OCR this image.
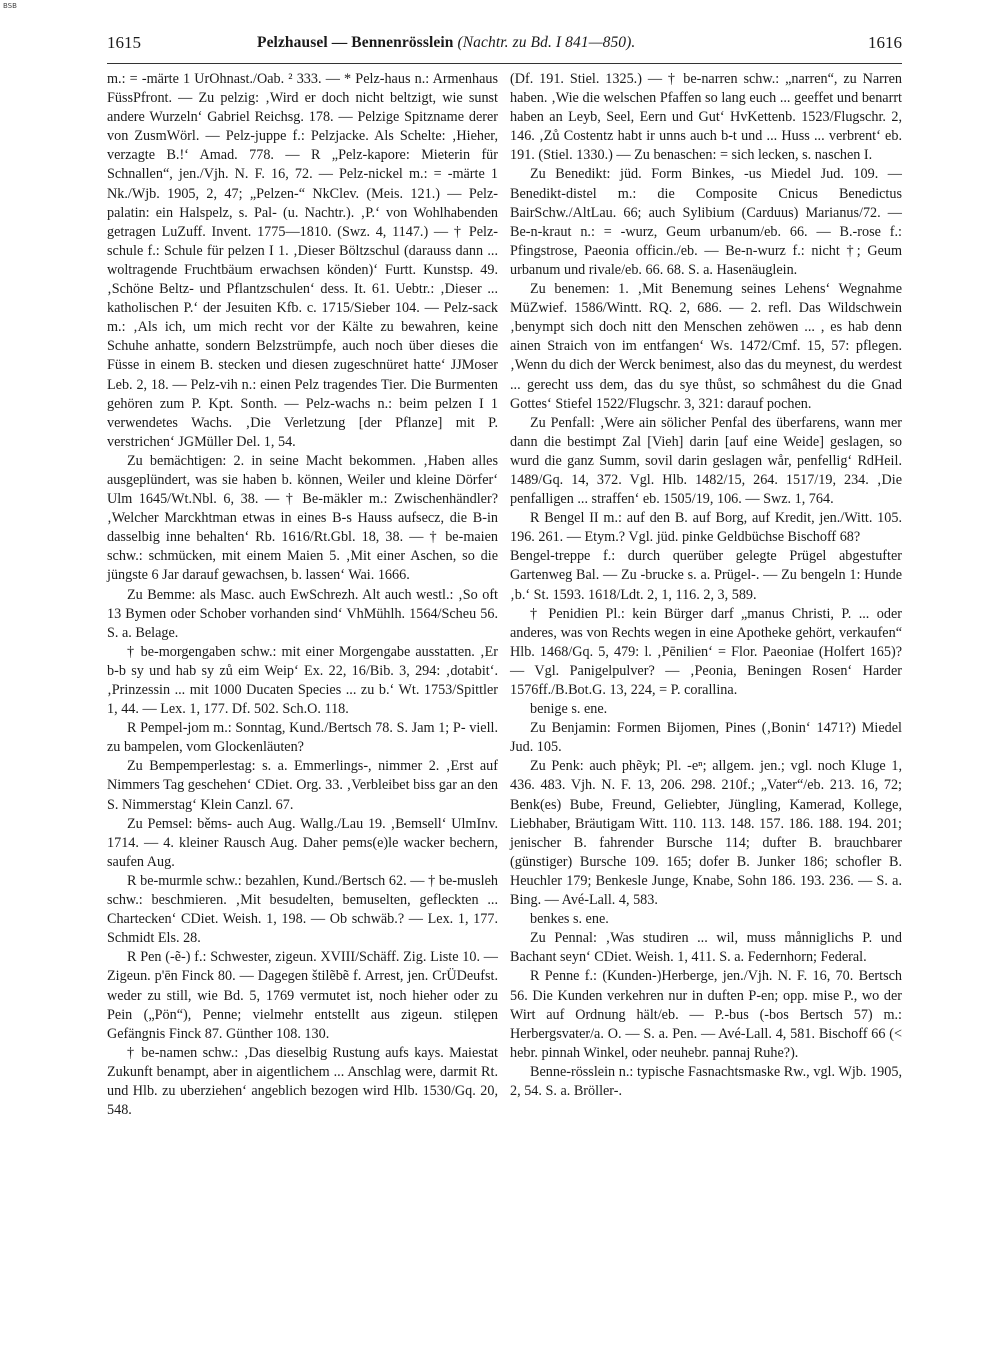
BSB
1615	Pelzhausel — Bennenrösslein (Nachtr. zu Bd. I 841—850).	1616

m.: = -märte 1 UrOhnast./Oab. ² 333. — * Pelz-haus n.: Armenhaus FüssPfront. — Zu pelzig: ‚Wird er doch nicht beltzigt, wie sunst andere Wurzeln‘ Gabriel Reichsg. 178. — Pelzige Spitzname derer von ZusmWörl. — Pelz-juppe f.: Pelzjacke. Als Schelte: ‚Hieher, verzagte B.!‘ Amad. 778. — R „Pelz-kapore: Mieterin für Schnallen“, jen./Vjh. N. F. 16, 72. — Pelz-nickel m.: = -märte 1 Nk./Wjb. 1905, 2, 47; „Pelzen-“ NkClev. (Meis. 121.) — Pelz-palatin: ein Halspelz, s. Pal- (u. Nachtr.). ‚P.‘ von Wohlhabenden getragen LuZuff. Invent. 1775—1810. (Swz. 4, 1147.) — † Pelz-schule f.: Schule für pelzen I 1. ‚Dieser Böltzschul (darauss dann ... woltragende Fruchtbäum erwachsen könden)‘ Furtt. Kunstsp. 49. ‚Schöne Beltz- und Pflantzschulen‘ dess. It. 61. Uebtr.: ‚Dieser ... katholischen P.‘ der Jesuiten Kfb. c. 1715/Sieber 104. — Pelz-sack m.: ‚Als ich, um mich recht vor der Kälte zu bewahren, keine Schuhe anhatte, sondern Belzstrümpfe, auch noch über dieses die Füsse in einem B. stecken und diesen zugeschnüret hatte‘ JJMoser Leb. 2, 18. — Pelz-vih n.: einen Pelz tragendes Tier. Die Burmenten gehören zum P. Kpt. Sonth. — Pelz-wachs n.: beim pelzen I 1 verwendetes Wachs. ‚Die Verletzung [der Pflanze] mit P. verstrichen‘ JGMüller Del. 1, 54.

Zu bemächtigen: 2. in seine Macht bekommen. ‚Haben alles ausgeplündert, was sie haben b. können, Weiler und kleine Dörfer‘ Ulm 1645/Wt.Nbl. 6, 38. — † Be-mäkler m.: Zwischenhändler? ‚Welcher Marckhtman etwas in eines B-s Hauss aufsecz, die B-in dasselbig inne behalten‘ Rb. 1616/Rt.Gbl. 18, 38. — † be-maien schw.: schmücken, mit einem Maien 5. ‚Mit einer Aschen, so die jüngste 6 Jar darauf gewachsen, b. lassen‘ Wai. 1666.

Zu Bemme: als Masc. auch EwSchrezh. Alt auch westl.: ‚So oft 13 Bymen oder Schober vorhanden sind‘ VhMühlh. 1564/Scheu 56. S. a. Belage.

† be-morgengaben schw.: mit einer Morgengabe ausstatten. ‚Er b-b sy und hab sy zů eim Weip‘ Ex. 22, 16/Bib. 3, 294: ‚dotabit‘. ‚Prinzessin ... mit 1000 Ducaten Species ... zu b.‘ Wt. 1753/Spittler 1, 44. — Lex. 1, 177. Df. 502. Sch.O. 118.

R Pempel-jom m.: Sonntag, Kund./Bertsch 78. S. Jam 1; P- viell. zu bampelen, vom Glockenläuten?

Zu Bempemperlestag: s. a. Emmerlings-, nimmer 2. ‚Erst auf Nimmers Tag geschehen‘ CDiet. Org. 33. ‚Verbleibet biss gar an den S. Nimmerstag‘ Klein Canzl. 67.

Zu Pemsel: běms- auch Aug. Wallg./Lau 19. ‚Bemsell‘ UlmInv. 1714. — 4. kleiner Rausch Aug. Daher pems(e)le wacker bechern, saufen Aug.

R be-murmle schw.: bezahlen, Kund./Bertsch 62. — † be-musleh schw.: beschmieren. ‚Mit besudelten, bemuselten, gefleckten ... Chartecken‘ CDiet. Weish. 1, 198. — Ob schwäb.? — Lex. 1, 177. Schmidt Els. 28.

R Pen (-ẽ-) f.: Schwester, zigeun. XVIII/Schäff. Zig. Liste 10. — Zigeun. p'ēn Finck 80. — Dagegen štilẽbẽ f. Arrest, jen. CrÜDeufst. weder zu still, wie Bd. 5, 1769 vermutet ist, noch hieher oder zu Pein („Pön“), Penne; vielmehr entstellt aus zigeun. stilępen Gefängnis Finck 87. Günther 108. 130.

† be-namen schw.: ‚Das dieselbig Rustung aufs kays. Maiestat Zukunft benampt, aber in aigentlichem ... Anschlag were, darmit Rt. und Hlb. zu uberziehen‘ angeblich bezogen wird Hlb. 1530/Gq. 20, 548.

(Df. 191. Stiel. 1325.) — † be-narren schw.: „narren“, zu Narren haben. ‚Wie die welschen Pfaffen so lang euch ... geeffet und benarrt haben an Leyb, Seel, Eern und Gut‘ HvKettenb. 1523/Flugschr. 2, 146. ‚Zů Costentz habt ir unns auch b-t und ... Huss ... verbrent‘ eb. 191. (Stiel. 1330.) — Zu benaschen: = sich lecken, s. naschen I.

Zu Benedikt: jüd. Form Binkes, -us Miedel Jud. 109. — Benedikt-distel m.: die Composite Cnicus Benedictus BairSchw./AltLau. 66; auch Sylibium (Carduus) Marianus/72. — Be-n-kraut n.: = -wurz, Geum urbanum/eb. 66. — B.-rose f.: Pfingstrose, Paeonia officin./eb. — Be-n-wurz f.: nicht †; Geum urbanum und rivale/eb. 66. 68. S. a. Hasenäuglein.

Zu benemen: 1. ‚Mit Benemung seines Lehens‘ Wegnahme MüZwief. 1586/Wintt. RQ. 2, 686. — 2. refl. Das Wildschwein ‚benympt sich doch nitt den Menschen zehöwen ... , es hab denn ainen Straich von im entfangen‘ Ws. 1472/Cmf. 15, 57: pflegen. ‚Wenn du dich der Werck benimest, also das du meynest, du werdest ... gerecht uss dem, das du sye thůst, so schmâhest du die Gnad Gottes‘ Stiefel 1522/Flugschr. 3, 321: darauf pochen.

Zu Penfall: ‚Were ain sölicher Penfal des überfarens, wann mer dann die bestimpt Zal [Vieh] darin [auf eine Weide] geslagen, so wurd die ganz Summ, sovil darin geslagen wår, penfellig‘ RdHeil. 1489/Gq. 14, 372. Vgl. Hlb. 1482/15, 264. 1517/19, 234. ‚Die penfalligen ... straffen‘ eb. 1505/19, 106. — Swz. 1, 764.

R Bengel II m.: auf den B. auf Borg, auf Kredit, jen./Witt. 105. 196. 261. — Etym.? Vgl. jüd. pinke Geldbüchse Bischoff 68?

Bengel-treppe f.: durch querüber gelegte Prügel abgestufter Gartenweg Bal. — Zu -brucke s. a. Prügel-. — Zu bengeln 1: Hunde ‚b.‘ St. 1593. 1618/Ldt. 2, 1, 116. 2, 3, 589.

† Penidien Pl.: kein Bürger darf „manus Christi, P. ... oder anderes, was von Rechts wegen in eine Apotheke gehört, verkaufen“ Hlb. 1468/Gq. 5, 479: l. ‚Pēnilien‘ = Flor. Paeoniae (Holfert 165)? — Vgl. Panigelpulver? — ‚Peonia, Beningen Rosen‘ Harder 1576ff./B.Bot.G. 13, 224, = P. corallina.

benige s. ene.

Zu Benjamin: Formen Bijomen, Pines (‚Bonin‘ 1471?) Miedel Jud. 105.

Zu Penk: auch phẽyk; Pl. -eⁿ; allgem. jen.; vgl. noch Kluge 1, 436. 483. Vjh. N. F. 13, 206. 298. 210f.; „Vater“/eb. 213. 16, 72; Benk(es) Bube, Freund, Geliebter, Jüngling, Kamerad, Kollege, Liebhaber, Bräutigam Witt. 110. 113. 148. 157. 186. 188. 194. 201; jenischer B. fahrender Bursche 114; dufter B. brauchbarer (günstiger) Bursche 109. 165; dofer B. Junker 186; schofler B. Heuchler 179; Benkesle Junge, Knabe, Sohn 186. 193. 236. — S. a. Bing. — Avé-Lall. 4, 583.

benkes s. ene.

Zu Pennal: ‚Was studiren ... wil, muss månniglichs P. und Bachant seyn‘ CDiet. Weish. 1, 411. S. a. Federnhorn; Federal.

R Penne f.: (Kunden-)Herberge, jen./Vjh. N. F. 16, 70. Bertsch 56. Die Kunden verkehren nur in duften P-en; opp. mise P., wo der Wirt auf Ordnung hält/eb. — P.-bus (-bos Bertsch 57) m.: Herbergsvater/a. O. — S. a. Pen. — Avé-Lall. 4, 581. Bischoff 66 (< hebr. pinnah Winkel, oder neuhebr. pannaj Ruhe?).

Benne-rösslein n.: typische Fasnachtsmaske Rw., vgl. Wjb. 1905, 2, 54. S. a. Bröller-.
